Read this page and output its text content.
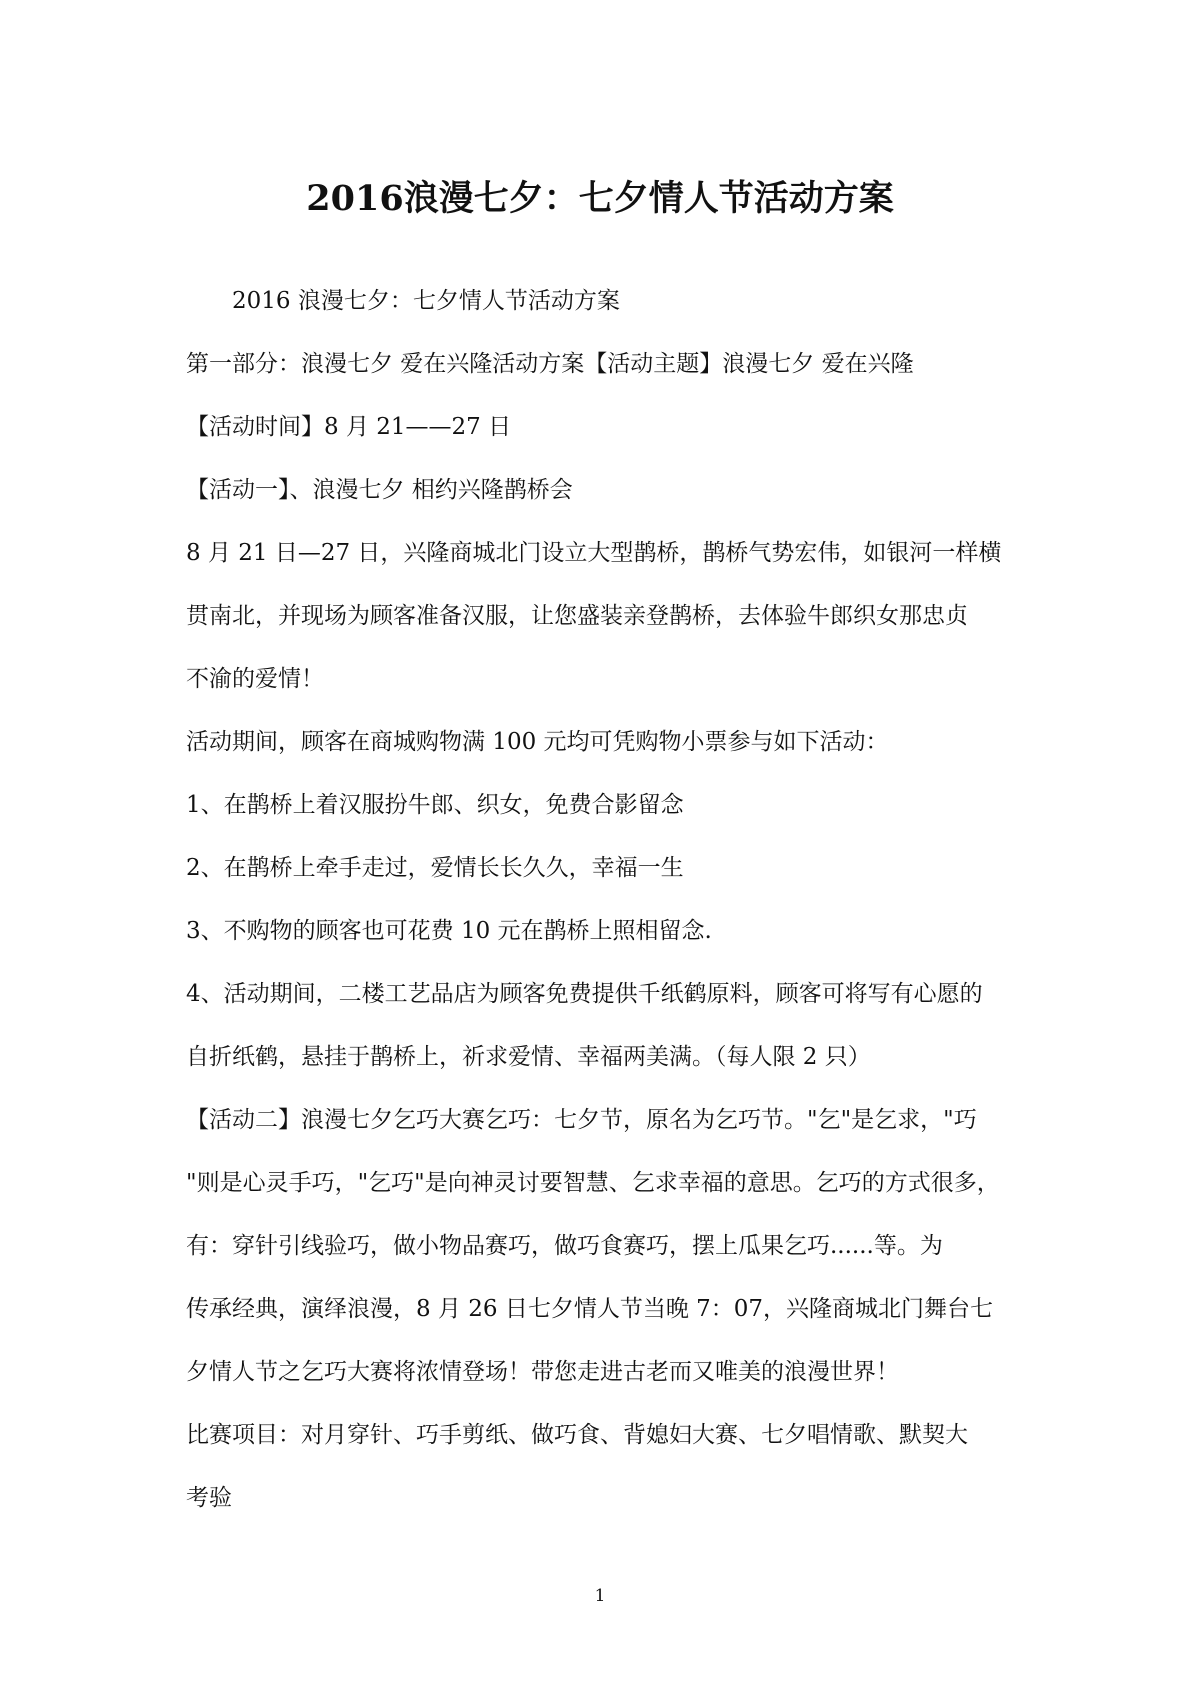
2016浪漫七夕：七夕情人节活动方案

2016 浪漫七夕：七夕情人节活动方案

第一部分：浪漫七夕 爱在兴隆活动方案【活动主题】浪漫七夕 爱在兴隆

【活动时间】8 月 21——27 日

【活动一】、浪漫七夕 相约兴隆鹊桥会

8 月 21 日—27 日，兴隆商城北门设立大型鹊桥，鹊桥气势宏伟，如银河一样横

贯南北，并现场为顾客准备汉服，让您盛装亲登鹊桥，去体验牛郎织女那忠贞

不渝的爱情！

活动期间，顾客在商城购物满 100 元均可凭购物小票参与如下活动：

1、在鹊桥上着汉服扮牛郎、织女，免费合影留念

2、在鹊桥上牵手走过，爱情长长久久，幸福一生

3、不购物的顾客也可花费 10 元在鹊桥上照相留念.

4、活动期间，二楼工艺品店为顾客免费提供千纸鹤原料，顾客可将写有心愿的

自折纸鹤，悬挂于鹊桥上，祈求爱情、幸福两美满。（每人限 2 只）

【活动二】浪漫七夕乞巧大赛乞巧：七夕节，原名为乞巧节。"乞"是乞求，"巧

"则是心灵手巧，"乞巧"是向神灵讨要智慧、乞求幸福的意思。乞巧的方式很多，

有：穿针引线验巧，做小物品赛巧，做巧食赛巧，摆上瓜果乞巧......等。为

传承经典，演绎浪漫，8 月 26 日七夕情人节当晚 7：07，兴隆商城北门舞台七

夕情人节之乞巧大赛将浓情登场！带您走进古老而又唯美的浪漫世界！

比赛项目：对月穿针、巧手剪纸、做巧食、背媳妇大赛、七夕唱情歌、默契大

考验

1
